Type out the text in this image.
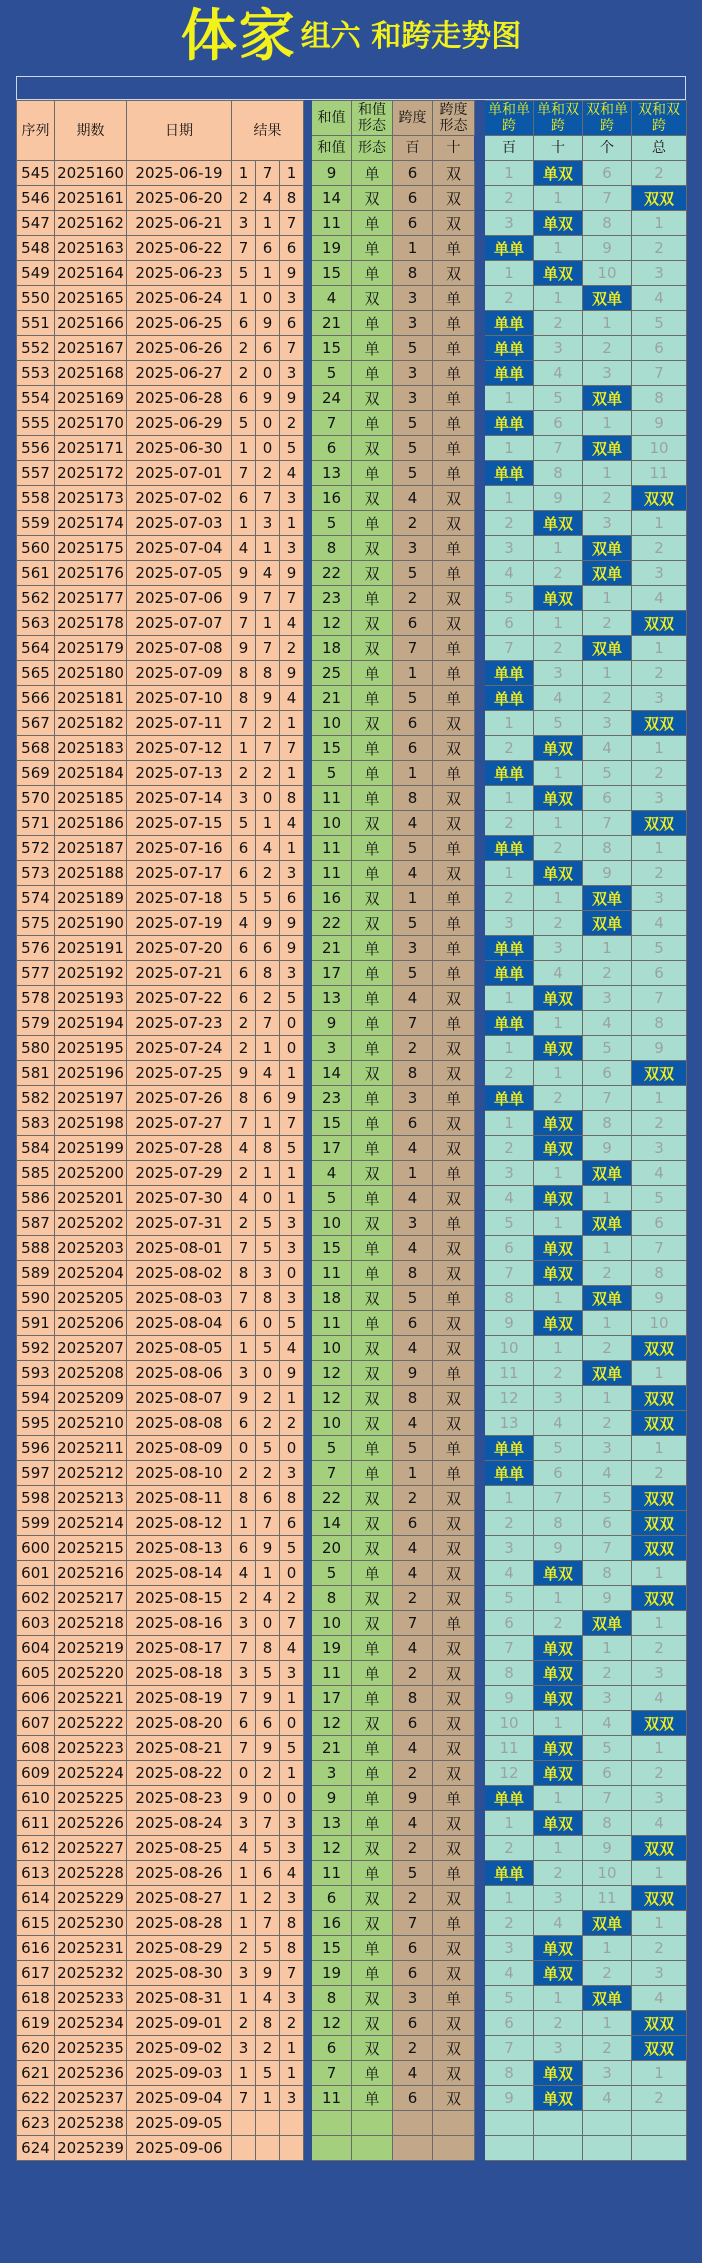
体家 组六 和跨走势图
序列	期数	日期	结果				和值	和值形态	跨度	跨度形态		单和单跨	单和双跨	双和单跨	双和双跨
							和值	形态	百	十		百	十	个	总
545	2025160	2025-06-19	1	7	1		9	单	6	双		1	单双	6	2
546	2025161	2025-06-20	2	4	8		14	双	6	双		2	1	7	双双
547	2025162	2025-06-21	3	1	7		11	单	6	双		3	单双	8	1
548	2025163	2025-06-22	7	6	6		19	单	1	单		单单	1	9	2
549	2025164	2025-06-23	5	1	9		15	单	8	双		1	单双	10	3
550	2025165	2025-06-24	1	0	3		4	双	3	单		2	1	双单	4
551	2025166	2025-06-25	6	9	6		21	单	3	单		单单	2	1	5
552	2025167	2025-06-26	2	6	7		15	单	5	单		单单	3	2	6
553	2025168	2025-06-27	2	0	3		5	单	3	单		单单	4	3	7
554	2025169	2025-06-28	6	9	9		24	双	3	单		1	5	双单	8
555	2025170	2025-06-29	5	0	2		7	单	5	单		单单	6	1	9
556	2025171	2025-06-30	1	0	5		6	双	5	单		1	7	双单	10
557	2025172	2025-07-01	7	2	4		13	单	5	单		单单	8	1	11
558	2025173	2025-07-02	6	7	3		16	双	4	双		1	9	2	双双
559	2025174	2025-07-03	1	3	1		5	单	2	双		2	单双	3	1
560	2025175	2025-07-04	4	1	3		8	双	3	单		3	1	双单	2
561	2025176	2025-07-05	9	4	9		22	双	5	单		4	2	双单	3
562	2025177	2025-07-06	9	7	7		23	单	2	双		5	单双	1	4
563	2025178	2025-07-07	7	1	4		12	双	6	双		6	1	2	双双
564	2025179	2025-07-08	9	7	2		18	双	7	单		7	2	双单	1
565	2025180	2025-07-09	8	8	9		25	单	1	单		单单	3	1	2
566	2025181	2025-07-10	8	9	4		21	单	5	单		单单	4	2	3
567	2025182	2025-07-11	7	2	1		10	双	6	双		1	5	3	双双
568	2025183	2025-07-12	1	7	7		15	单	6	双		2	单双	4	1
569	2025184	2025-07-13	2	2	1		5	单	1	单		单单	1	5	2
570	2025185	2025-07-14	3	0	8		11	单	8	双		1	单双	6	3
571	2025186	2025-07-15	5	1	4		10	双	4	双		2	1	7	双双
572	2025187	2025-07-16	6	4	1		11	单	5	单		单单	2	8	1
573	2025188	2025-07-17	6	2	3		11	单	4	双		1	单双	9	2
574	2025189	2025-07-18	5	5	6		16	双	1	单		2	1	双单	3
575	2025190	2025-07-19	4	9	9		22	双	5	单		3	2	双单	4
576	2025191	2025-07-20	6	6	9		21	单	3	单		单单	3	1	5
577	2025192	2025-07-21	6	8	3		17	单	5	单		单单	4	2	6
578	2025193	2025-07-22	6	2	5		13	单	4	双		1	单双	3	7
579	2025194	2025-07-23	2	7	0		9	单	7	单		单单	1	4	8
580	2025195	2025-07-24	2	1	0		3	单	2	双		1	单双	5	9
581	2025196	2025-07-25	9	4	1		14	双	8	双		2	1	6	双双
582	2025197	2025-07-26	8	6	9		23	单	3	单		单单	2	7	1
583	2025198	2025-07-27	7	1	7		15	单	6	双		1	单双	8	2
584	2025199	2025-07-28	4	8	5		17	单	4	双		2	单双	9	3
585	2025200	2025-07-29	2	1	1		4	双	1	单		3	1	双单	4
586	2025201	2025-07-30	4	0	1		5	单	4	双		4	单双	1	5
587	2025202	2025-07-31	2	5	3		10	双	3	单		5	1	双单	6
588	2025203	2025-08-01	7	5	3		15	单	4	双		6	单双	1	7
589	2025204	2025-08-02	8	3	0		11	单	8	双		7	单双	2	8
590	2025205	2025-08-03	7	8	3		18	双	5	单		8	1	双单	9
591	2025206	2025-08-04	6	0	5		11	单	6	双		9	单双	1	10
592	2025207	2025-08-05	1	5	4		10	双	4	双		10	1	2	双双
593	2025208	2025-08-06	3	0	9		12	双	9	单		11	2	双单	1
594	2025209	2025-08-07	9	2	1		12	双	8	双		12	3	1	双双
595	2025210	2025-08-08	6	2	2		10	双	4	双		13	4	2	双双
596	2025211	2025-08-09	0	5	0		5	单	5	单		单单	5	3	1
597	2025212	2025-08-10	2	2	3		7	单	1	单		单单	6	4	2
598	2025213	2025-08-11	8	6	8		22	双	2	双		1	7	5	双双
599	2025214	2025-08-12	1	7	6		14	双	6	双		2	8	6	双双
600	2025215	2025-08-13	6	9	5		20	双	4	双		3	9	7	双双
601	2025216	2025-08-14	4	1	0		5	单	4	双		4	单双	8	1
602	2025217	2025-08-15	2	4	2		8	双	2	双		5	1	9	双双
603	2025218	2025-08-16	3	0	7		10	双	7	单		6	2	双单	1
604	2025219	2025-08-17	7	8	4		19	单	4	双		7	单双	1	2
605	2025220	2025-08-18	3	5	3		11	单	2	双		8	单双	2	3
606	2025221	2025-08-19	7	9	1		17	单	8	双		9	单双	3	4
607	2025222	2025-08-20	6	6	0		12	双	6	双		10	1	4	双双
608	2025223	2025-08-21	7	9	5		21	单	4	双		11	单双	5	1
609	2025224	2025-08-22	0	2	1		3	单	2	双		12	单双	6	2
610	2025225	2025-08-23	9	0	0		9	单	9	单		单单	1	7	3
611	2025226	2025-08-24	3	7	3		13	单	4	双		1	单双	8	4
612	2025227	2025-08-25	4	5	3		12	双	2	双		2	1	9	双双
613	2025228	2025-08-26	1	6	4		11	单	5	单		单单	2	10	1
614	2025229	2025-08-27	1	2	3		6	双	2	双		1	3	11	双双
615	2025230	2025-08-28	1	7	8		16	双	7	单		2	4	双单	1
616	2025231	2025-08-29	2	5	8		15	单	6	双		3	单双	1	2
617	2025232	2025-08-30	3	9	7		19	单	6	双		4	单双	2	3
618	2025233	2025-08-31	1	4	3		8	双	3	单		5	1	双单	4
619	2025234	2025-09-01	2	8	2		12	双	6	双		6	2	1	双双
620	2025235	2025-09-02	3	2	1		6	双	2	双		7	3	2	双双
621	2025236	2025-09-03	1	5	1		7	单	4	双		8	单双	3	1
622	2025237	2025-09-04	7	1	3		11	单	6	双		9	单双	4	2
623	2025238	2025-09-05													
624	2025239	2025-09-06													
